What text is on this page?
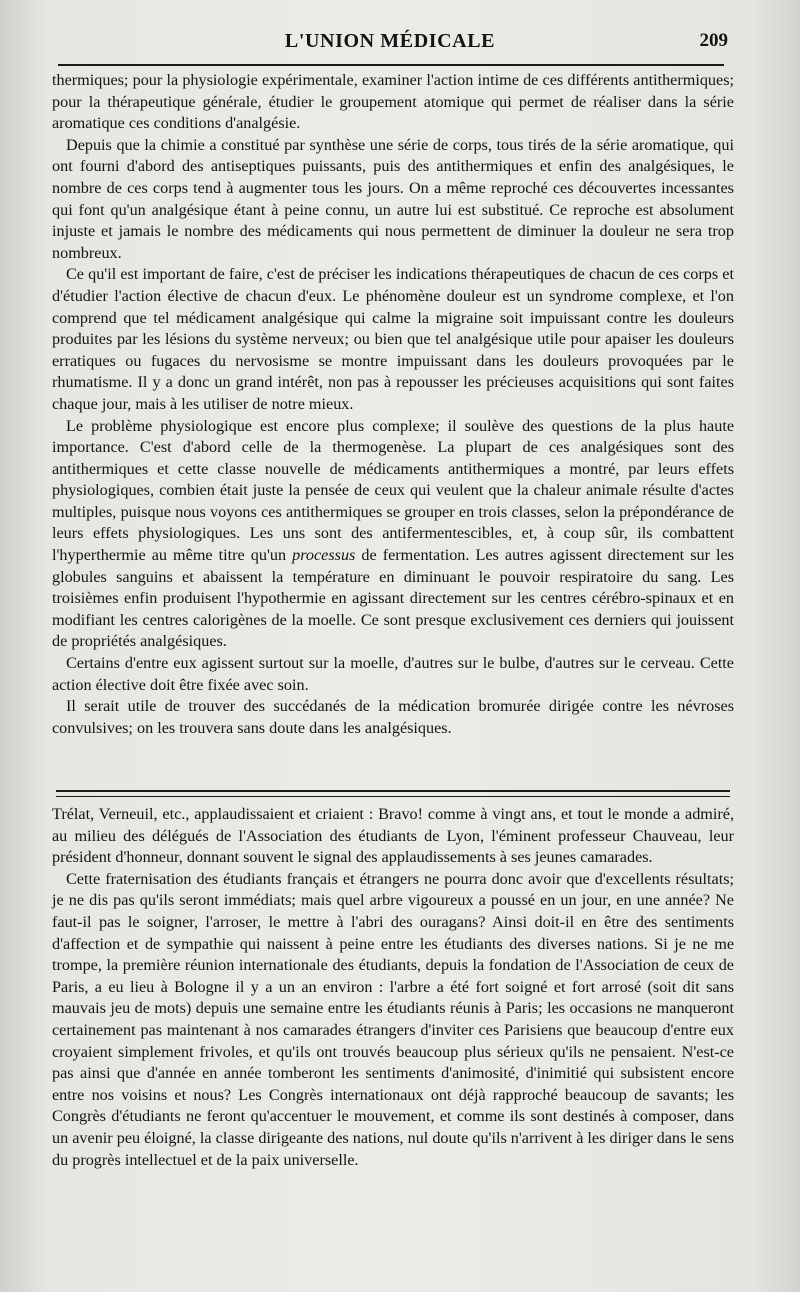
L'UNION MÉDICALE	209

thermiques; pour la physiologie expérimentale, examiner l'action intime de ces différents antithermiques; pour la thérapeutique générale, étudier le groupement atomique qui permet de réaliser dans la série aromatique ces conditions d'analgésie.

Depuis que la chimie a constitué par synthèse une série de corps, tous tirés de la série aromatique, qui ont fourni d'abord des antiseptiques puissants, puis des antithermiques et enfin des analgésiques, le nombre de ces corps tend à augmenter tous les jours. On a même reproché ces découvertes incessantes qui font qu'un analgésique étant à peine connu, un autre lui est substitué. Ce reproche est absolument injuste et jamais le nombre des médicaments qui nous permettent de diminuer la douleur ne sera trop nombreux.

Ce qu'il est important de faire, c'est de préciser les indications thérapeutiques de chacun de ces corps et d'étudier l'action élective de chacun d'eux. Le phénomène douleur est un syndrome complexe, et l'on comprend que tel médicament analgésique qui calme la migraine soit impuissant contre les douleurs produites par les lésions du système nerveux; ou bien que tel analgésique utile pour apaiser les douleurs erratiques ou fugaces du nervosisme se montre impuissant dans les douleurs provoquées par le rhumatisme. Il y a donc un grand intérêt, non pas à repousser les précieuses acquisitions qui sont faites chaque jour, mais à les utiliser de notre mieux.

Le problème physiologique est encore plus complexe; il soulève des questions de la plus haute importance. C'est d'abord celle de la thermogenèse. La plupart de ces analgésiques sont des antithermiques et cette classe nouvelle de médicaments antithermiques a montré, par leurs effets physiologiques, combien était juste la pensée de ceux qui veulent que la chaleur animale résulte d'actes multiples, puisque nous voyons ces antithermiques se grouper en trois classes, selon la prépondérance de leurs effets physiologiques. Les uns sont des antifermentescibles, et, à coup sûr, ils combattent l'hyperthermie au même titre qu'un processus de fermentation. Les autres agissent directement sur les globules sanguins et abaissent la température en diminuant le pouvoir respiratoire du sang. Les troisièmes enfin produisent l'hypothermie en agissant directement sur les centres cérébro-spinaux et en modifiant les centres calorigènes de la moelle. Ce sont presque exclusivement ces derniers qui jouissent de propriétés analgésiques.

Certains d'entre eux agissent surtout sur la moelle, d'autres sur le bulbe, d'autres sur le cerveau. Cette action élective doit être fixée avec soin.

Il serait utile de trouver des succédanés de la médication bromurée dirigée contre les névroses convulsives; on les trouvera sans doute dans les analgésiques.

Trélat, Verneuil, etc., applaudissaient et criaient : Bravo! comme à vingt ans, et tout le monde a admiré, au milieu des délégués de l'Association des étudiants de Lyon, l'éminent professeur Chauveau, leur président d'honneur, donnant souvent le signal des applaudissements à ses jeunes camarades.

Cette fraternisation des étudiants français et étrangers ne pourra donc avoir que d'excellents résultats; je ne dis pas qu'ils seront immédiats; mais quel arbre vigoureux a poussé en un jour, en une année? Ne faut-il pas le soigner, l'arroser, le mettre à l'abri des ouragans? Ainsi doit-il en être des sentiments d'affection et de sympathie qui naissent à peine entre les étudiants des diverses nations. Si je ne me trompe, la première réunion internationale des étudiants, depuis la fondation de l'Association de ceux de Paris, a eu lieu à Bologne il y a un an environ : l'arbre a été fort soigné et fort arrosé (soit dit sans mauvais jeu de mots) depuis une semaine entre les étudiants réunis à Paris; les occasions ne manqueront certainement pas maintenant à nos camarades étrangers d'inviter ces Parisiens que beaucoup d'entre eux croyaient simplement frivoles, et qu'ils ont trouvés beaucoup plus sérieux qu'ils ne pensaient. N'est-ce pas ainsi que d'année en année tomberont les sentiments d'animosité, d'inimitié qui subsistent encore entre nos voisins et nous? Les Congrès internationaux ont déjà rapproché beaucoup de savants; les Congrès d'étudiants ne feront qu'accentuer le mouvement, et comme ils sont destinés à composer, dans un avenir peu éloigné, la classe dirigeante des nations, nul doute qu'ils n'arrivent à les diriger dans le sens du progrès intellectuel et de la paix universelle.
